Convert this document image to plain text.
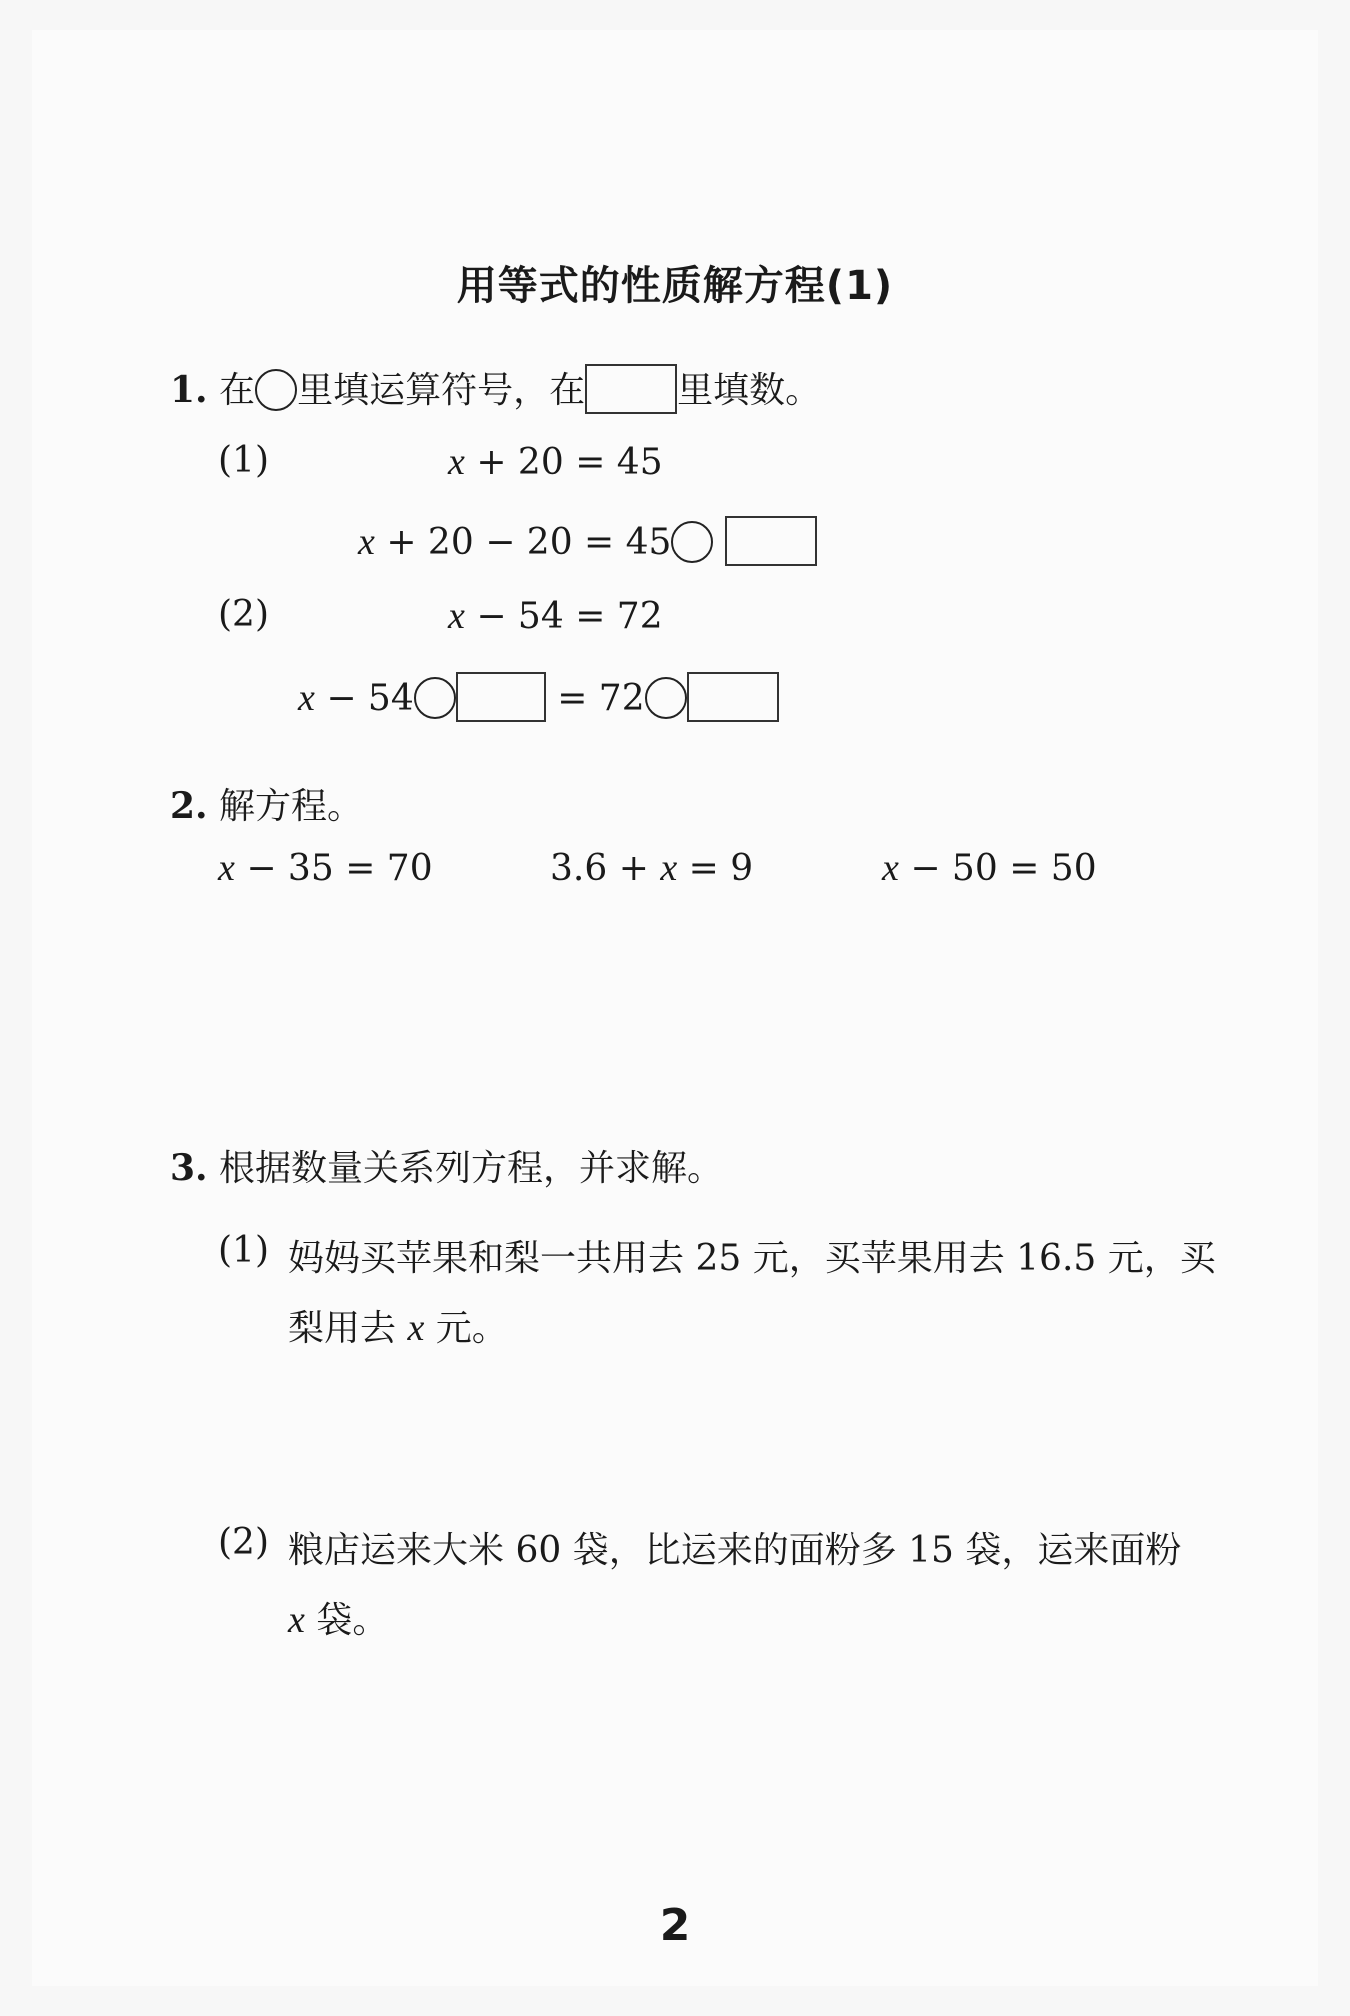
用等式的性质解方程(1)
1. 在 里填运算符号，在	里填数。
(1)	x + 20 = 45
x + 20 − 20 = 45
(2)	x − 54 = 72
x − 54	= 72
2. 解方程。
x − 35 = 70	3.6 + x = 9	x − 50 = 50
3. 根据数量关系列方程，并求解。
(1) 妈妈买苹果和梨一共用去 25 元，买苹果用去 16.5 元，买
梨用去 x 元。
(2) 粮店运来大米 60 袋，比运来的面粉多 15 袋，运来面粉
x 袋。
2
